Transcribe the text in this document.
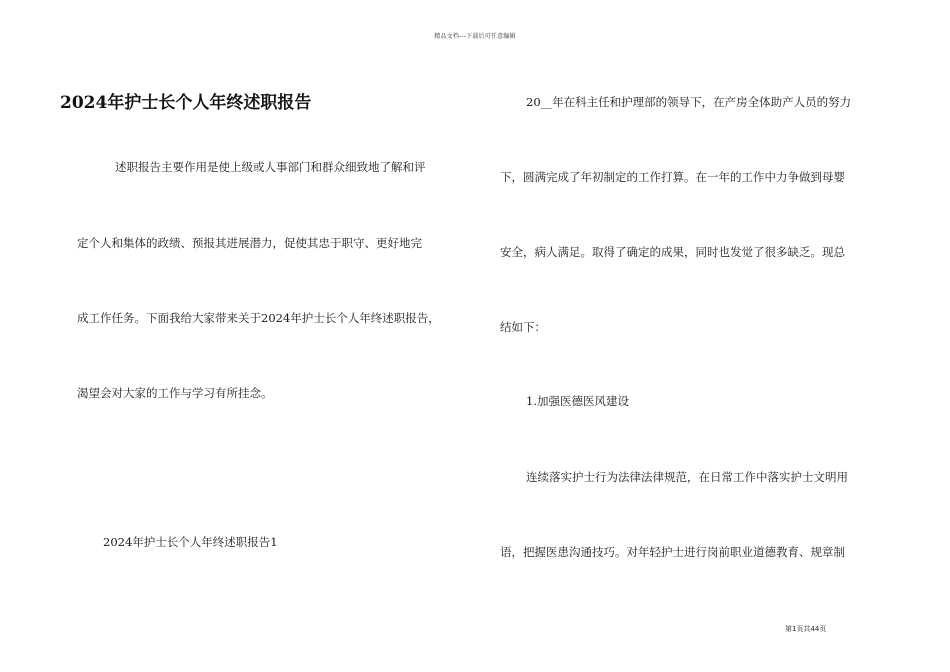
精品文档---下载后可任意编辑
2024年护士长个人年终述职报告
述职报告主要作用是使上级或人事部门和群众细致地了解和评
定个人和集体的政绩、预报其进展潜力，促使其忠于职守、更好地完
成工作任务。下面我给大家带来关于2024年护士长个人年终述职报告，
渴望会对大家的工作与学习有所挂念。
2024年护士长个人年终述职报告1
20__年在科主任和护理部的领导下，在产房全体助产人员的努力
下，圆满完成了年初制定的工作打算。在一年的工作中力争做到母婴
安全，病人满足。取得了确定的成果，同时也发觉了很多缺乏。现总
结如下：
1.加强医德医风建设
连续落实护士行为法律法律规范，在日常工作中落实护士文明用
语，把握医患沟通技巧。对年轻护士进行岗前职业道德教育、规章制
第1页共44页
